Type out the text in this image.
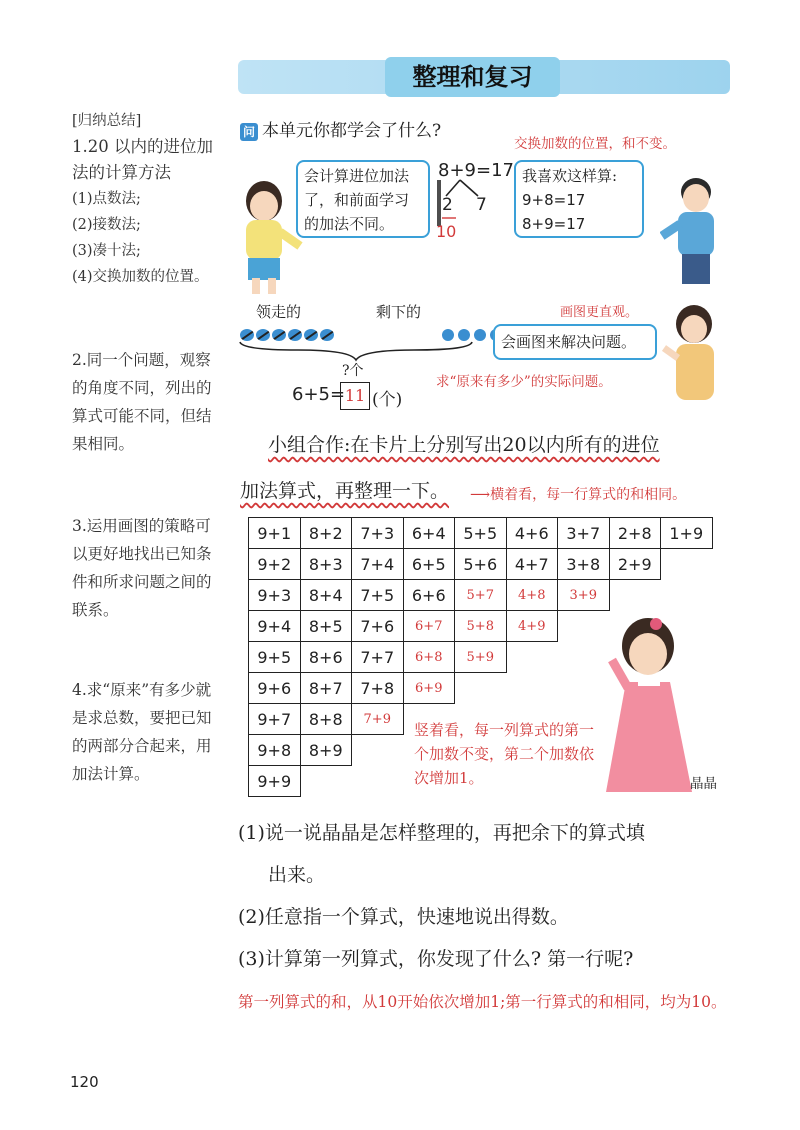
整理和复习
[归纳总结]
1.20 以内的进位加法的计算方法
(1)点数法;
(2)接数法;
(3)凑十法;
(4)交换加数的位置。
2.同一个问题，观察的角度不同，列出的算式可能不同，但结果相同。
3.运用画图的策略可以更好地找出已知条件和所求问题之间的联系。
4.求“原来”有多少就是求总数，要把已知的两部分合起来，用加法计算。
问 本单元你都学会了什么?
交换加数的位置，和不变。
会计算进位加法了，和前面学习的加法不同。
8+9=17
2 7
10
我喜欢这样算:
9+8=17
8+9=17
领走的	剩下的

?个
6+5= 11 (个)
画图更直观。
会画图来解决问题。
求“原来有多少”的实际问题。
小组合作:在卡片上分别写出20以内所有的进位
加法算式，再整理一下。 ⟶横着看，每一行算式的和相同。
9+1	8+2	7+3	6+4	5+5	4+6	3+7	2+8	1+9
9+2	8+3	7+4	6+5	5+6	4+7	3+8	2+9	
9+3	8+4	7+5	6+6	5+7	4+8	3+9		
9+4	8+5	7+6	6+7	5+8	4+9			
9+5	8+6	7+7	6+8	5+9				
9+6	8+7	7+8	6+9					
9+7	8+8	7+9						
9+8	8+9							
9+9								
竖着看，每一列算式的第一个加数不变，第二个加数依次增加1。	晶晶
(1)说一说晶晶是怎样整理的，再把余下的算式填
出来。
(2)任意指一个算式，快速地说出得数。
(3)计算第一列算式，你发现了什么? 第一行呢?
第一列算式的和，从10开始依次增加1;第一行算式的和相同，均为10。
120
